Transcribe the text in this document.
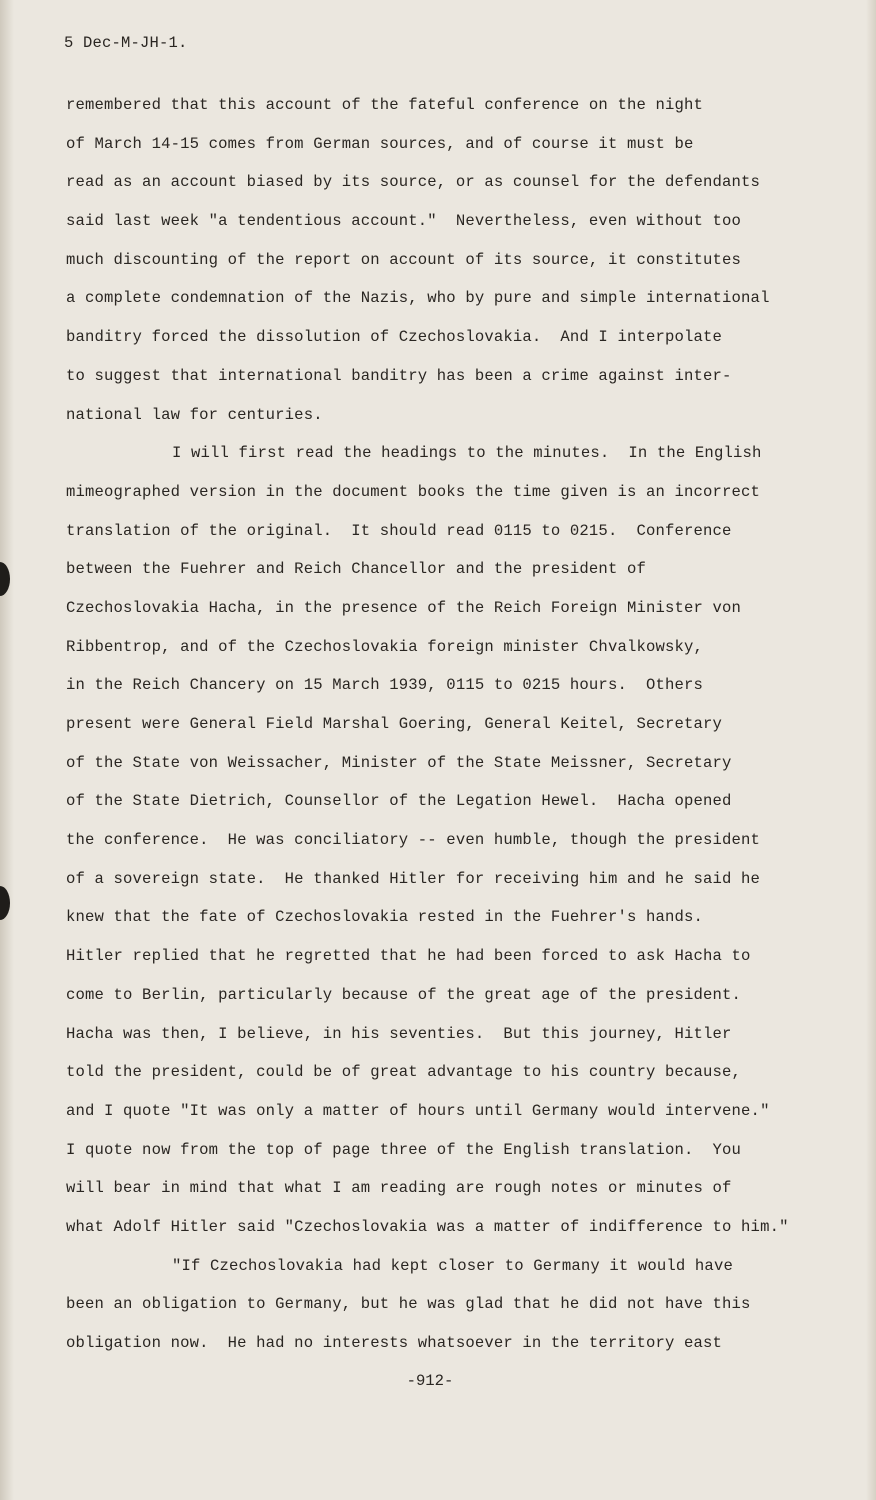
5 Dec-M-JH-1.
remembered that this account of the fateful conference on the night
of March 14-15 comes from German sources, and of course it must be
read as an account biased by its source, or as counsel for the defendants
said last week "a tendentious account."  Nevertheless, even without too
much discounting of the report on account of its source, it constitutes
a complete condemnation of the Nazis, who by pure and simple international
banditry forced the dissolution of Czechoslovakia.  And I interpolate
to suggest that international banditry has been a crime against inter-
national law for centuries.
I will first read the headings to the minutes.  In the English
mimeographed version in the document books the time given is an incorrect
translation of the original.  It should read 0115 to 0215.  Conference
between the Fuehrer and Reich Chancellor and the president of
Czechoslovakia Hacha, in the presence of the Reich Foreign Minister von
Ribbentrop, and of the Czechoslovakia foreign minister Chvalkowsky,
in the Reich Chancery on 15 March 1939, 0115 to 0215 hours.  Others
present were General Field Marshal Goering, General Keitel, Secretary
of the State von Weissacher, Minister of the State Meissner, Secretary
of the State Dietrich, Counsellor of the Legation Hewel.  Hacha opened
the conference.  He was conciliatory -- even humble, though the president
of a sovereign state.  He thanked Hitler for receiving him and he said he
knew that the fate of Czechoslovakia rested in the Fuehrer's hands.
Hitler replied that he regretted that he had been forced to ask Hacha to
come to Berlin, particularly because of the great age of the president.
Hacha was then, I believe, in his seventies.  But this journey, Hitler
told the president, could be of great advantage to his country because,
and I quote "It was only a matter of hours until Germany would intervene."
I quote now from the top of page three of the English translation.  You
will bear in mind that what I am reading are rough notes or minutes of
what Adolf Hitler said "Czechoslovakia was a matter of indifference to him."
"If Czechoslovakia had kept closer to Germany it would have
been an obligation to Germany, but he was glad that he did not have this
obligation now.  He had no interests whatsoever in the territory east
-912-
